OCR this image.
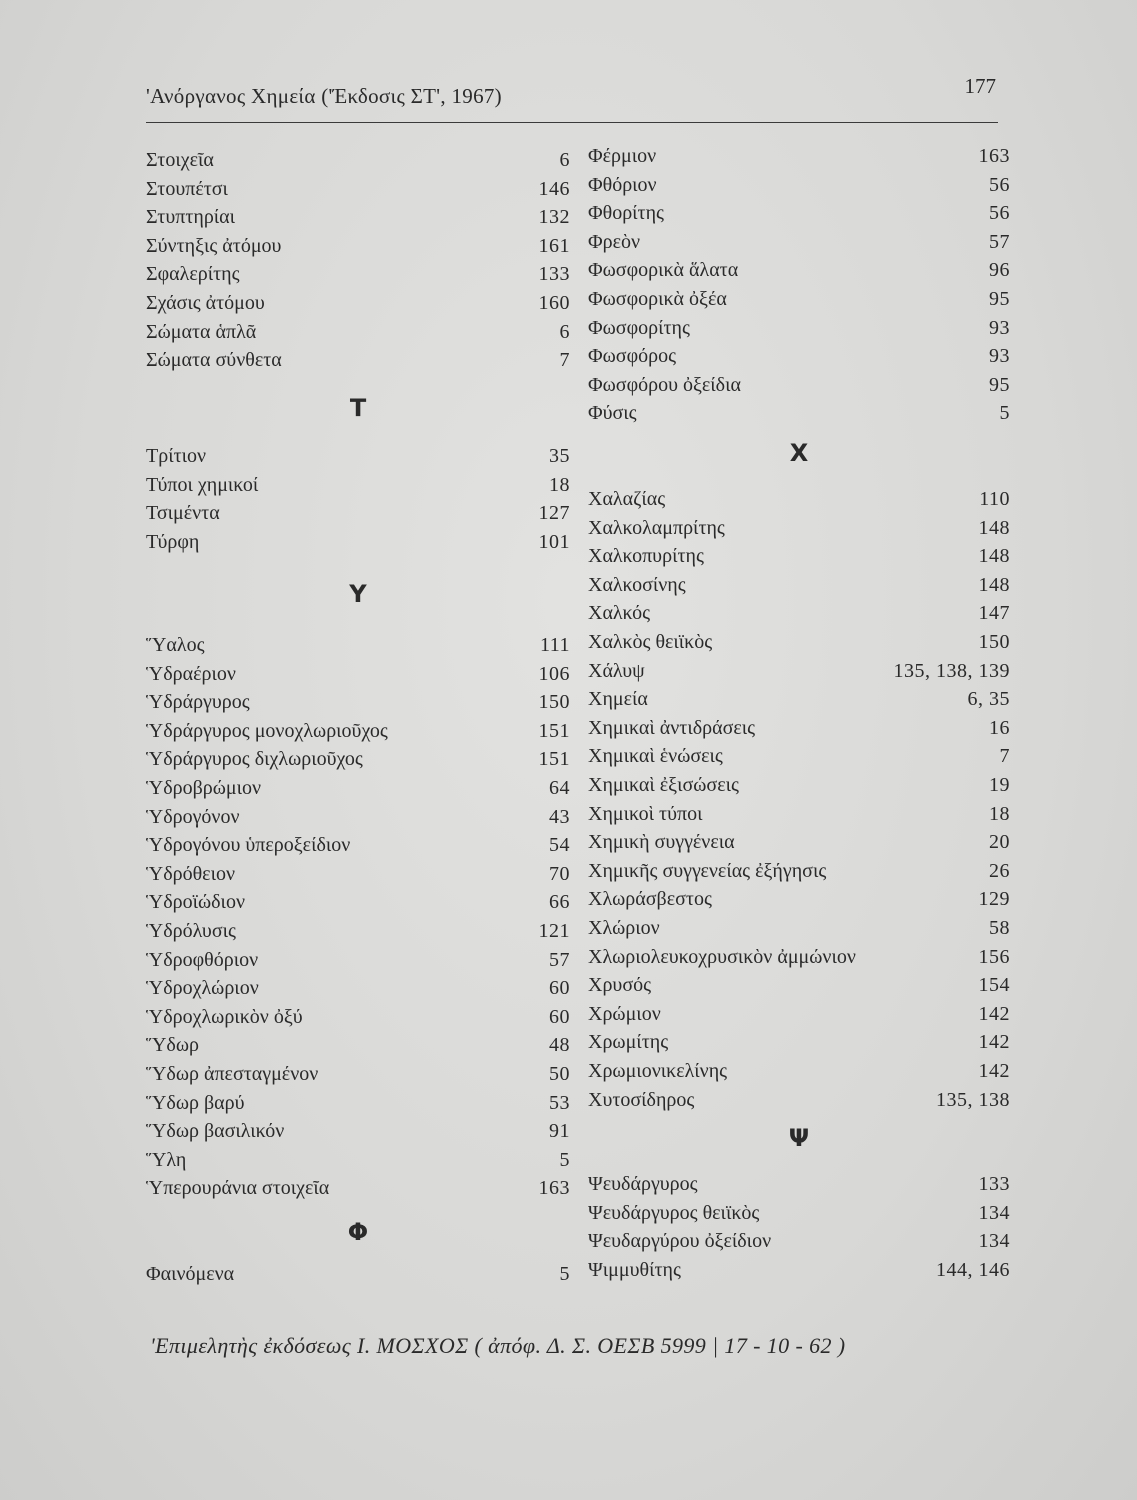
'Ανόργανος Χημεία ('Έκδοσις ΣΤ', 1967)	177
Στοιχεῖα	6
Στουπέτσι	146
Στυπτηρίαι	132
Σύντηξις ἀτόμου	161
Σφαλερίτης	133
Σχάσις ἀτόμου	160
Σώματα ἁπλᾶ	6
Σώματα σύνθετα	7
Τ
Τρίτιον	35
Τύποι χημικοί	18
Τσιμέντα	127
Τύρφη	101
Υ
Ὕαλος	111
Ὑδραέριον	106
Ὑδράργυρος	150
Ὑδράργυρος μονοχλωριοῦχος	151
Ὑδράργυρος διχλωριοῦχος	151
Ὑδροβρώμιον	64
Ὑδρογόνον	43
Ὑδρογόνου ὑπεροξείδιον	54
Ὑδρόθειον	70
Ὑδροϊώδιον	66
Ὑδρόλυσις	121
Ὑδροφθόριον	57
Ὑδροχλώριον	60
Ὑδροχλωρικὸν ὀξύ	60
Ὕδωρ	48
Ὕδωρ ἀπεσταγμένον	50
Ὕδωρ βαρύ	53
Ὕδωρ βασιλικόν	91
Ὕλη	5
Ὑπερουράνια στοιχεῖα	163
Φ
Φαινόμενα	5
Φέρμιον	163
Φθόριον	56
Φθορίτης	56
Φρεὸν	57
Φωσφορικὰ ἅλατα	96
Φωσφορικὰ ὀξέα	95
Φωσφορίτης	93
Φωσφόρος	93
Φωσφόρου ὀξείδια	95
Φύσις	5
Χ
Χαλαζίας	110
Χαλκολαμπρίτης	148
Χαλκοπυρίτης	148
Χαλκοσίνης	148
Χαλκός	147
Χαλκὸς θειϊκὸς	150
Χάλυψ	135, 138, 139
Χημεία	6, 35
Χημικαὶ ἀντιδράσεις	16
Χημικαὶ ἑνώσεις	7
Χημικαὶ ἐξισώσεις	19
Χημικοὶ τύποι	18
Χημικὴ συγγένεια	20
Χημικῆς συγγενείας ἐξήγησις	26
Χλωράσβεστος	129
Χλώριον	58
Χλωριολευκοχρυσικὸν ἀμμώνιον	156
Χρυσός	154
Χρώμιον	142
Χρωμίτης	142
Χρωμιονικελίνης	142
Χυτοσίδηρος	135, 138
Ψ
Ψευδάργυρος	133
Ψευδάργυρος θειϊκὸς	134
Ψευδαργύρου ὀξείδιον	134
Ψιμμυθίτης	144, 146
'Επιμελητὴς ἐκδόσεως Ι. ΜΟΣΧΟΣ ( ἀπόφ. Δ. Σ. ΟΕΣΒ 5999 | 17 - 10 - 62 )
